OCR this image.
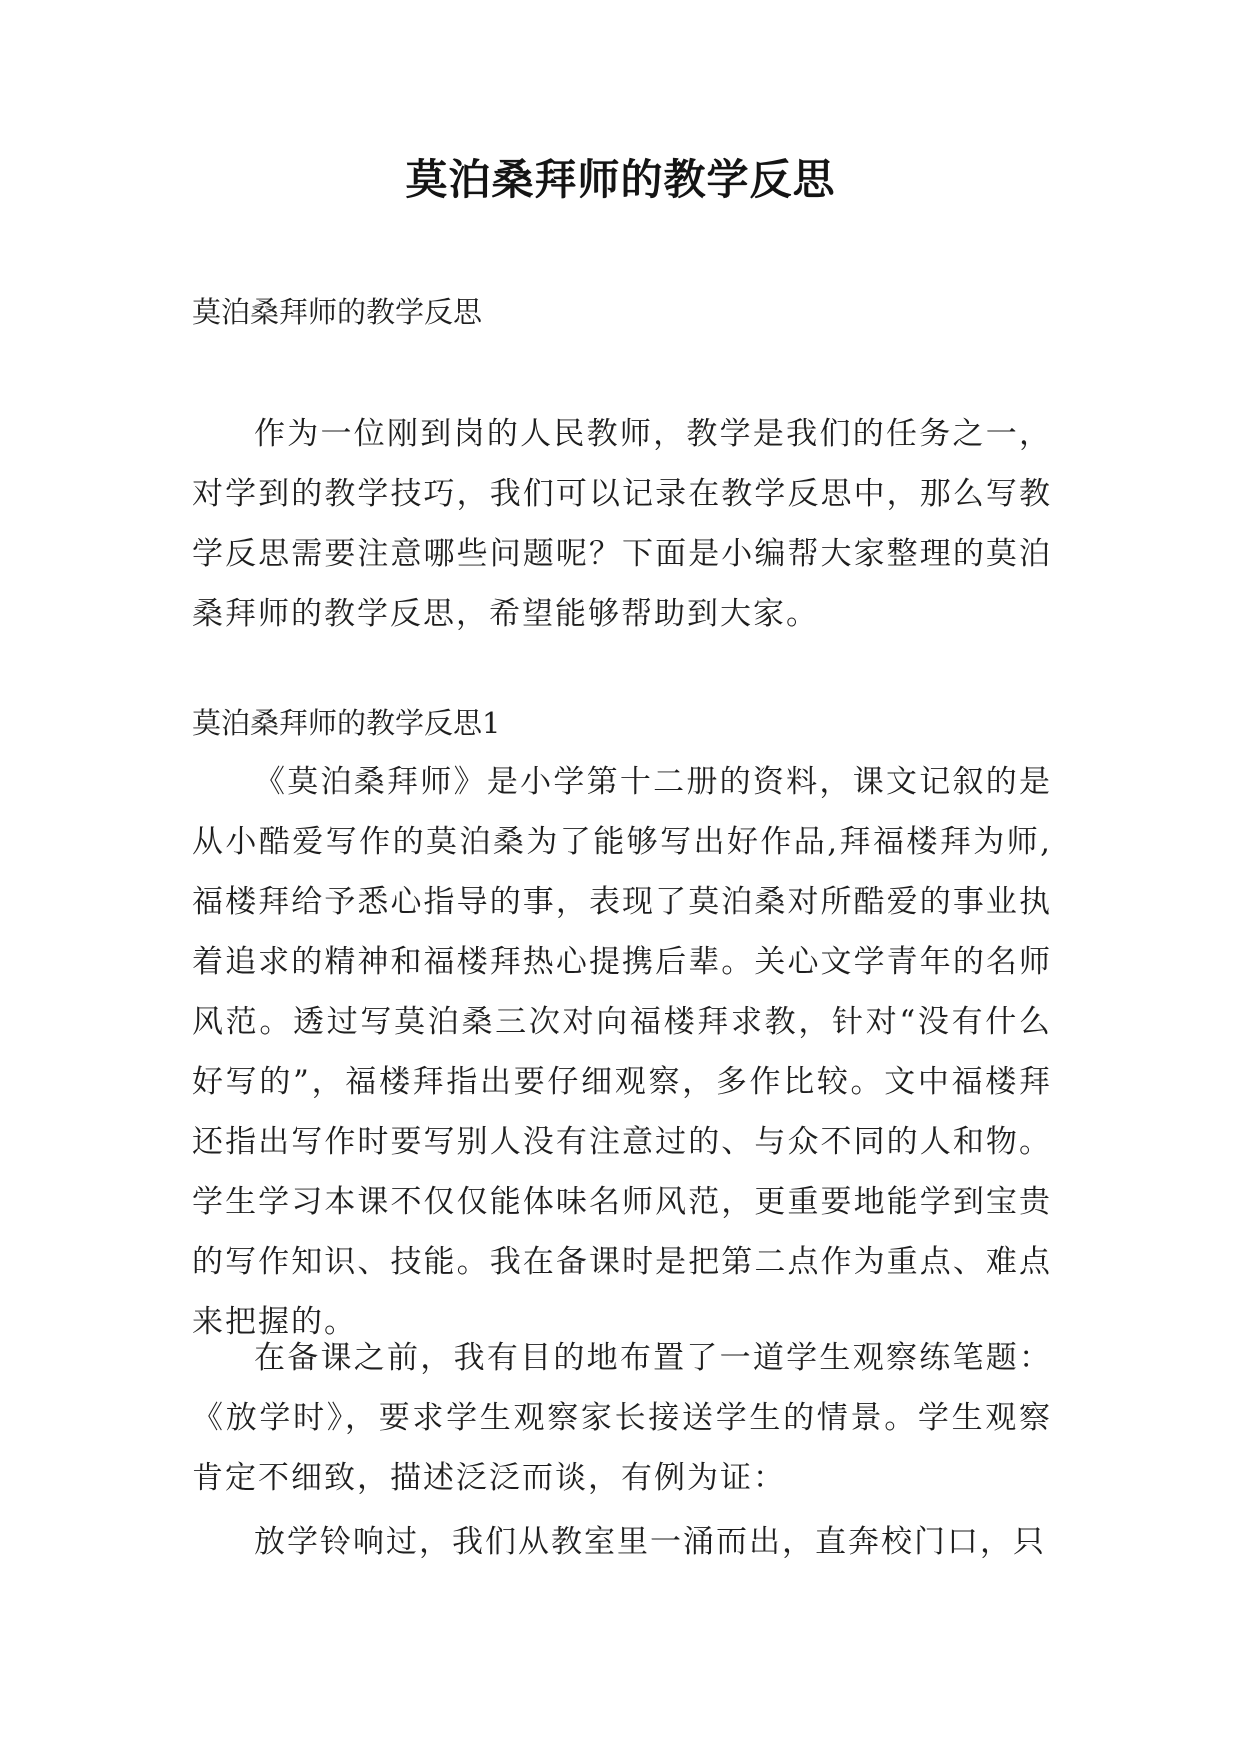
莫泊桑拜师的教学反思

莫泊桑拜师的教学反思

作为一位刚到岗的人民教师，教学是我们的任务之一，对学到的教学技巧，我们可以记录在教学反思中，那么写教学反思需要注意哪些问题呢？下面是小编帮大家整理的莫泊桑拜师的教学反思，希望能够帮助到大家。

莫泊桑拜师的教学反思1

《莫泊桑拜师》是小学第十二册的资料，课文记叙的是从小酷爱写作的莫泊桑为了能够写出好作品,拜福楼拜为师,福楼拜给予悉心指导的事，表现了莫泊桑对所酷爱的事业执着追求的精神和福楼拜热心提携后辈。关心文学青年的名师风范。透过写莫泊桑三次对向福楼拜求教，针对“没有什么好写的”，福楼拜指出要仔细观察，多作比较。文中福楼拜还指出写作时要写别人没有注意过的、与众不同的人和物。学生学习本课不仅仅能体味名师风范，更重要地能学到宝贵的写作知识、技能。我在备课时是把第二点作为重点、难点来把握的。

在备课之前，我有目的地布置了一道学生观察练笔题：《放学时》，要求学生观察家长接送学生的情景。学生观察肯定不细致，描述泛泛而谈，有例为证：

放学铃响过，我们从教室里一涌而出，直奔校门口，只
